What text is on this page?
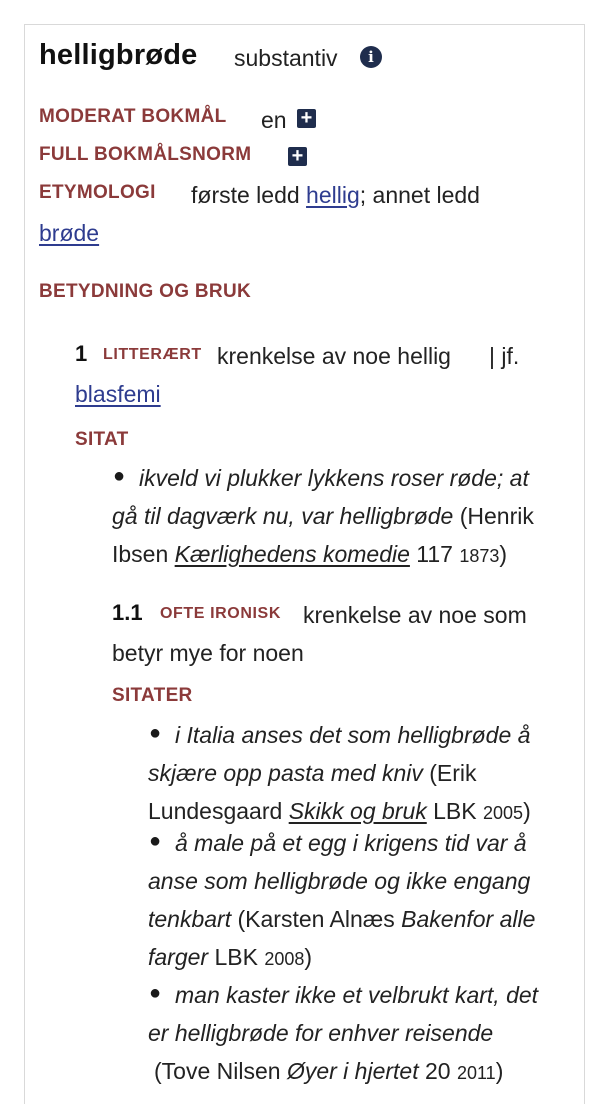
helligbrøde substantiv	i
MODERAT BOKMÅL en +
FULL BOKMÅLSNORM +
ETYMOLOGI første ledd hellig; annet ledd
brøde
BETYDNING OG BRUK
1 LITTERÆRT krenkelse av noe hellig | jf.
blasfemi
SITAT
● ikveld vi plukker lykkens roser røde; at
gå til dagværk nu, var helligbrøde (Henrik
Ibsen Kærlighedens komedie 117 1873)
1.1 OFTE IRONISK krenkelse av noe som
betyr mye for noen
SITATER
● i Italia anses det som helligbrøde å
skjære opp pasta med kniv (Erik
Lundesgaard Skikk og bruk LBK 2005)
● å male på et egg i krigens tid var å
anse som helligbrøde og ikke engang
tenkbart (Karsten Alnæs Bakenfor alle
farger LBK 2008)
● man kaster ikke et velbrukt kart, det
er helligbrøde for enhver reisende
(Tove Nilsen Øyer i hjertet 20 2011)
